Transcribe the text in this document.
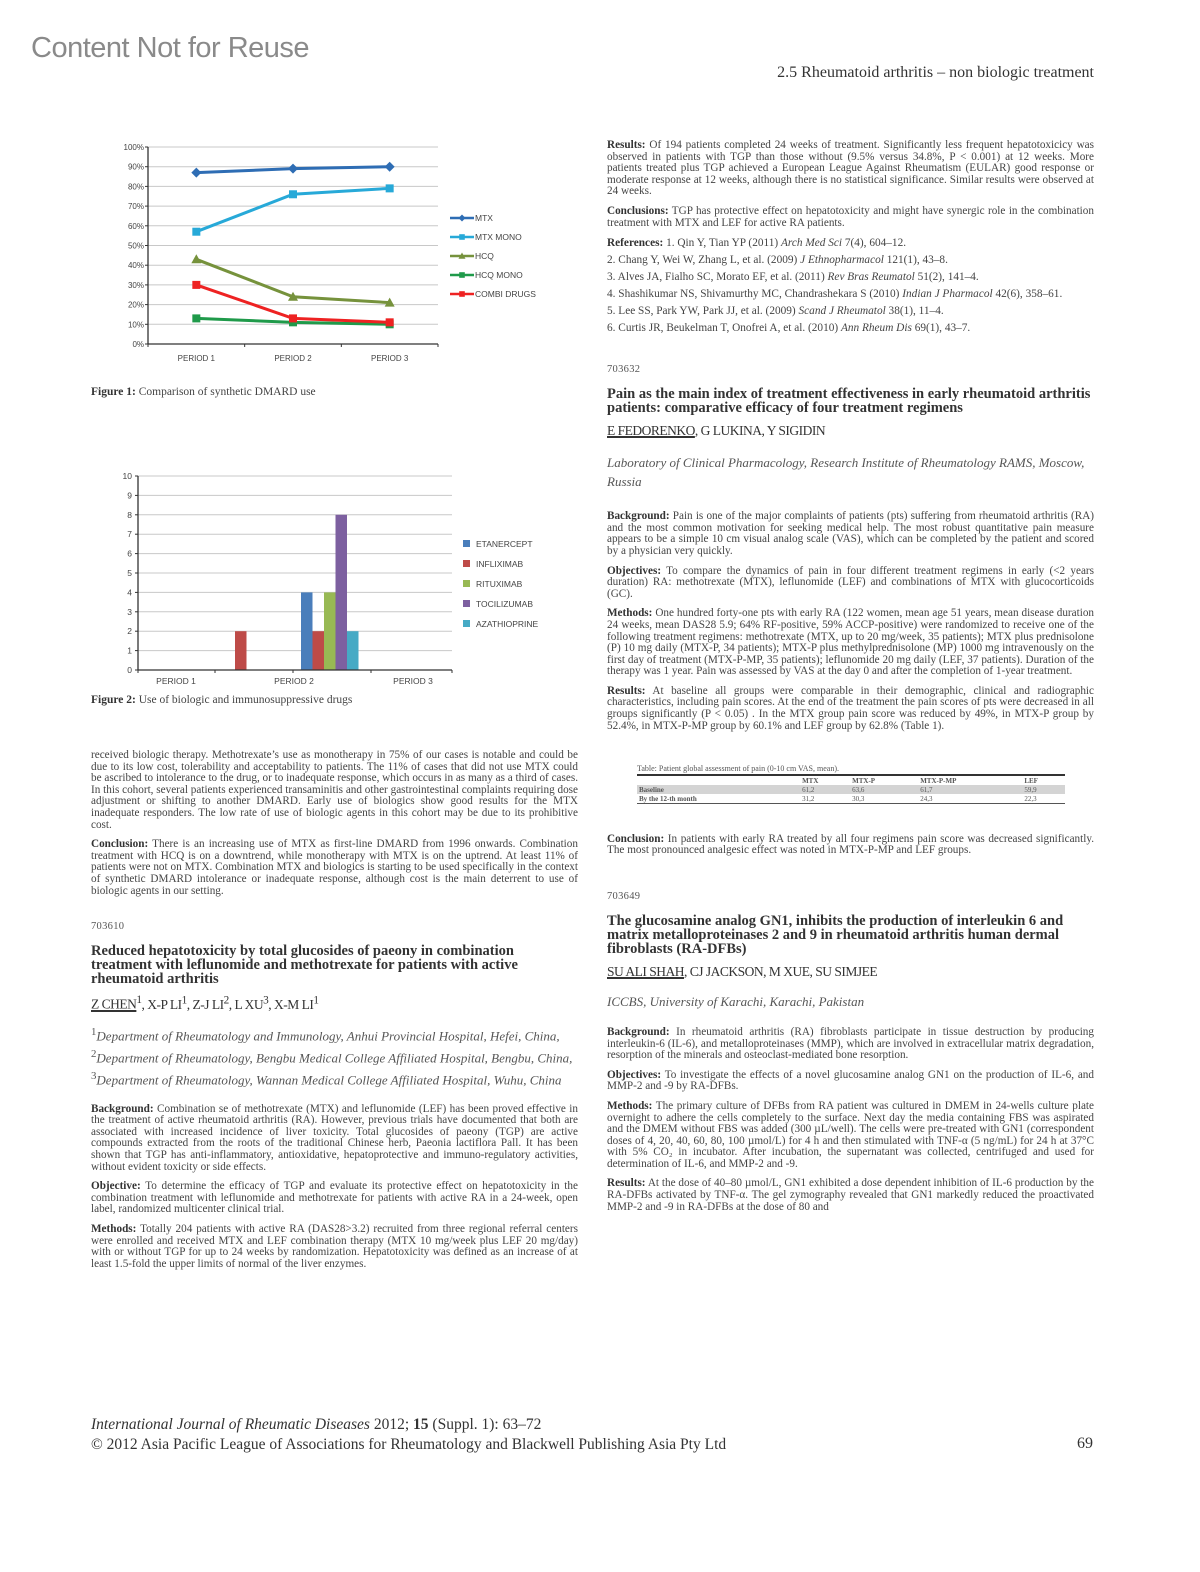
Content Not for Reuse
2.5 Rheumatoid arthritis – non biologic treatment
0%
10%
20%
30%
40%
50%
60%
70%
80%
90%
100%
PERIOD 1	PERIOD 2	PERIOD 3
MTX
MTX MONO
HCQ
HCQ MONO
COMBI DRUGS
Figure 1: Comparison of synthetic DMARD use
0
1
2
3
4
5
6
7
8
9
10
PERIOD 1	PERIOD 2	PERIOD 3
ETANERCEPT
INFLIXIMAB
RITUXIMAB
TOCILIZUMAB
AZATHIOPRINE
Figure 2: Use of biologic and immunosuppressive drugs

received biologic therapy. Methotrexate’s use as monotherapy in 75% of our cases is notable and could be due to its low cost, tolerability and acceptability to patients. The 11% of cases that did not use MTX could be ascribed to intolerance to the drug, or to inadequate response, which occurs in as many as a third of cases. In this cohort, several patients experienced transaminitis and other gastrointestinal complaints requiring dose adjustment or shifting to another DMARD. Early use of biologics show good results for the MTX inadequate responders. The low rate of use of biologic agents in this cohort may be due to its prohibitive cost.

Conclusion: There is an increasing use of MTX as first-line DMARD from 1996 onwards. Combination treatment with HCQ is on a downtrend, while monotherapy with MTX is on the uptrend. At least 11% of patients were not on MTX. Combination MTX and biologics is starting to be used specifically in the context of synthetic DMARD intolerance or inadequate response, although cost is the main deterrent to use of biologic agents in our setting.

703610
Reduced hepatotoxicity by total glucosides of paeony in combination treatment with leflunomide and methotrexate for patients with active rheumatoid arthritis
Z CHEN$^1$, X-P $LI^1$, Z-J $LI^2$, L $XU^3$, X-M $LI^1$
$^1$Department of Rheumatology and Immunology, Anhui Provincial Hospital, Hefei, China, $^2$Department of Rheumatology, Bengbu Medical College Affiliated Hospital, Bengbu, China, $^3$Department of Rheumatology, Wannan Medical College Affiliated Hospital, Wuhu, China

Background: Combination se of methotrexate (MTX) and leflunomide (LEF) has been proved effective in the treatment of active rheumatoid arthritis (RA). However, previous trials have documented that both are associated with increased incidence of liver toxicity. Total glucosides of paeony (TGP) are active compounds extracted from the roots of the traditional Chinese herb, Paeonia lactiflora Pall. It has been shown that TGP has anti-inflammatory, antioxidative, hepatoprotective and immuno-regulatory activities, without evident toxicity or side effects.

Objective: To determine the efficacy of TGP and evaluate its protective effect on hepatotoxicity in the combination treatment with leflunomide and methotrexate for patients with active RA in a 24-week, open label, randomized multicenter clinical trial.

Methods: Totally 204 patients with active RA (DAS28>3.2) recruited from three regional referral centers were enrolled and received MTX and LEF combination therapy (MTX 10 mg/week plus LEF 20 mg/day) with or without TGP for up to 24 weeks by randomization. Hepatotoxicity was defined as an increase of at least 1.5-fold the upper limits of normal of the liver enzymes.

Results: Of 194 patients completed 24 weeks of treatment. Significantly less frequent hepatotoxicicy was observed in patients with TGP than those without (9.5% versus 34.8%, P < 0.001) at 12 weeks. More patients treated plus TGP achieved a European League Against Rheumatism (EULAR) good response or moderate response at 12 weeks, although there is no statistical significance. Similar results were observed at 24 weeks.

Conclusions: TGP has protective effect on hepatotoxicity and might have synergic role in the combination treatment with MTX and LEF for active RA patients.

References: 1. Qin Y, Tian YP (2011) Arch Med Sci 7(4), 604–12.

2. Chang Y, Wei W, Zhang L, et al. (2009) J Ethnopharmacol 121(1), 43–8.

3. Alves JA, Fialho SC, Morato EF, et al. (2011) Rev Bras Reumatol 51(2), 141–4.

4. Shashikumar NS, Shivamurthy MC, Chandrashekara S (2010) Indian J Pharmacol 42(6), 358–61.

5. Lee SS, Park YW, Park JJ, et al. (2009) Scand J Rheumatol 38(1), 11–4.

6. Curtis JR, Beukelman T, Onofrei A, et al. (2010) Ann Rheum Dis 69(1), 43–7.

703632
Pain as the main index of treatment effectiveness in early rheumatoid arthritis patients: comparative efficacy of four treatment regimens
E FEDORENKO, G LUKINA, Y SIGIDIN
Laboratory of Clinical Pharmacology, Research Institute of Rheumatology RAMS, Moscow, Russia

Background: Pain is one of the major complaints of patients (pts) suffering from rheumatoid arthritis (RA) and the most common motivation for seeking medical help. The most robust quantitative pain measure appears to be a simple 10 cm visual analog scale (VAS), which can be completed by the patient and scored by a physician very quickly.

Objectives: To compare the dynamics of pain in four different treatment regimens in early (<2 years duration) RA: methotrexate (MTX), leflunomide (LEF) and combinations of MTX with glucocorticoids (GC).

Methods: One hundred forty-one pts with early RA (122 women, mean age 51 years, mean disease duration 24 weeks, mean DAS28 5.9; 64% RF-positive, 59% ACCP-positive) were randomized to receive one of the following treatment regimens: methotrexate (MTX, up to 20 mg/week, 35 patients); MTX plus prednisolone (P) 10 mg daily (MTX-P, 34 patients); MTX-P plus methylprednisolone (MP) 1000 mg intravenously on the first day of treatment (MTX-P-MP, 35 patients); leflunomide 20 mg daily (LEF, 37 patients). Duration of the therapy was 1 year. Pain was assessed by VAS at the day 0 and after the completion of 1-year treatment.

Results: At baseline all groups were comparable in their demographic, clinical and radiographic characteristics, including pain scores. At the end of the treatment the pain scores of pts were decreased in all groups significantly (P < 0.05) . In the MTX group pain score was reduced by 49%, in MTX-P group by 52.4%, in MTX-P-MP group by 60.1% and LEF group by 62.8% (Table 1).

Table: Patient global assessment of pain (0-10 cm VAS, mean).
	MTX	MTX-P	MTX-P-MP	LEF
Baseline	61,2	63,6	61,7	59,9
By the 12-th month	31,2	30,3	24,3	22,3

Conclusion: In patients with early RA treated by all four regimens pain score was decreased significantly. The most pronounced analgesic effect was noted in MTX-P-MP and LEF groups.

703649
The glucosamine analog GN1, inhibits the production of interleukin 6 and matrix metalloproteinases 2 and 9 in rheumatoid arthritis human dermal fibroblasts (RA-DFBs)
SU ALI SHAH, CJ JACKSON, M XUE, SU SIMJEE
ICCBS, University of Karachi, Karachi, Pakistan

Background: In rheumatoid arthritis (RA) fibroblasts participate in tissue destruction by producing interleukin-6 (IL-6), and metalloproteinases (MMP), which are involved in extracellular matrix degradation, resorption of the minerals and osteoclast-mediated bone resorption.

Objectives: To investigate the effects of a novel glucosamine analog GN1 on the production of IL-6, and MMP-2 and -9 by RA-DFBs.

Methods: The primary culture of DFBs from RA patient was cultured in DMEM in 24-wells culture plate overnight to adhere the cells completely to the surface. Next day the media containing FBS was aspirated and the DMEM without FBS was added (300 µL/well). The cells were pre-treated with GN1 (correspondent doses of 4, 20, 40, 60, 80, 100 µmol/L) for 4 h and then stimulated with TNF-α (5 ng/mL) for 24 h at 37°C with 5% CO₂ in incubator. After incubation, the supernatant was collected, centrifuged and used for determination of IL-6, and MMP-2 and -9.

Results: At the dose of 40–80 µmol/L, GN1 exhibited a dose dependent inhibition of IL-6 production by the RA-DFBs activated by TNF-α. The gel zymography revealed that GN1 markedly reduced the proactivated MMP-2 and -9 in RA-DFBs at the dose of 80 and

International Journal of Rheumatic Diseases 2012; 15 (Suppl. 1): 63–72
© 2012 Asia Pacific League of Associations for Rheumatology and Blackwell Publishing Asia Pty Ltd	69
